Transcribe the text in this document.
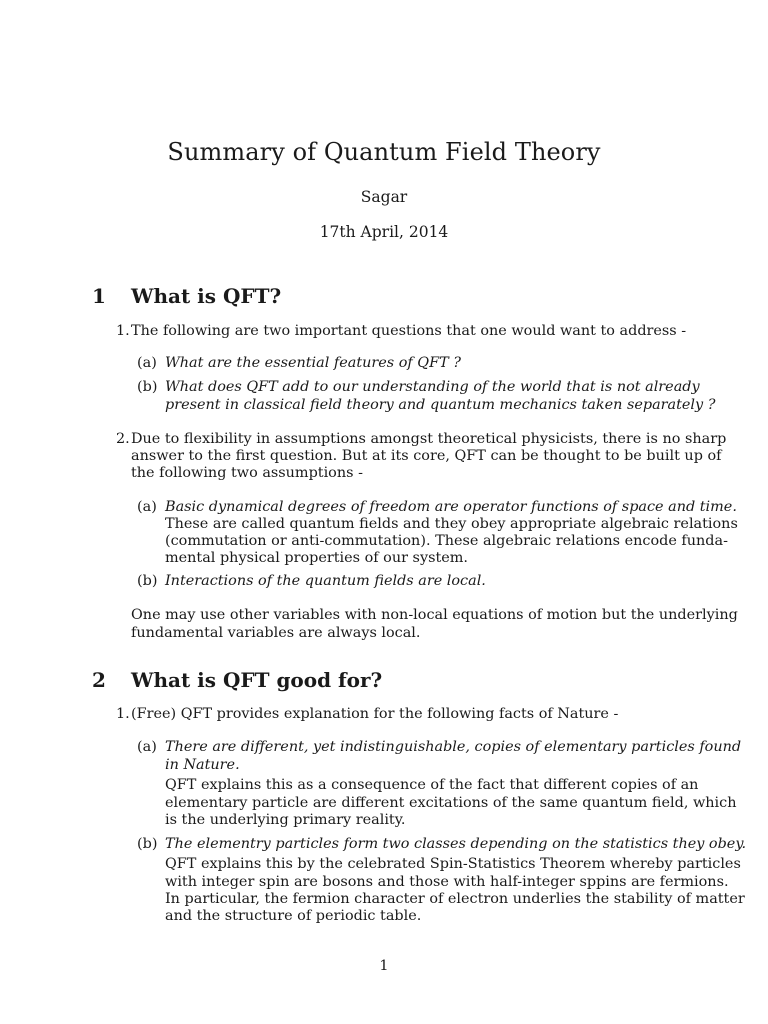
Summary of Quantum Field Theory
Sagar
17th April, 2014
1 What is QFT?
1. The following are two important questions that one would want to address -
(a) What are the essential features of QFT ?
(b) What does QFT add to our understanding of the world that is not already
present in classical field theory and quantum mechanics taken separately ?
2. Due to flexibility in assumptions amongst theoretical physicists, there is no sharp
answer to the first question. But at its core, QFT can be thought to be built up of
the following two assumptions -
(a) Basic dynamical degrees of freedom are operator functions of space and time.
These are called quantum fields and they obey appropriate algebraic relations
(commutation or anti-commutation). These algebraic relations encode funda-
mental physical properties of our system.
(b) Interactions of the quantum fields are local.
One may use other variables with non-local equations of motion but the underlying
fundamental variables are always local.
2 What is QFT good for?
1. (Free) QFT provides explanation for the following facts of Nature -
(a) There are different, yet indistinguishable, copies of elementary particles found
in Nature.
QFT explains this as a consequence of the fact that different copies of an
elementary particle are different excitations of the same quantum field, which
is the underlying primary reality.
(b) The elementry particles form two classes depending on the statistics they obey.
QFT explains this by the celebrated Spin-Statistics Theorem whereby particles
with integer spin are bosons and those with half-integer sppins are fermions.
In particular, the fermion character of electron underlies the stability of matter
and the structure of periodic table.
1
